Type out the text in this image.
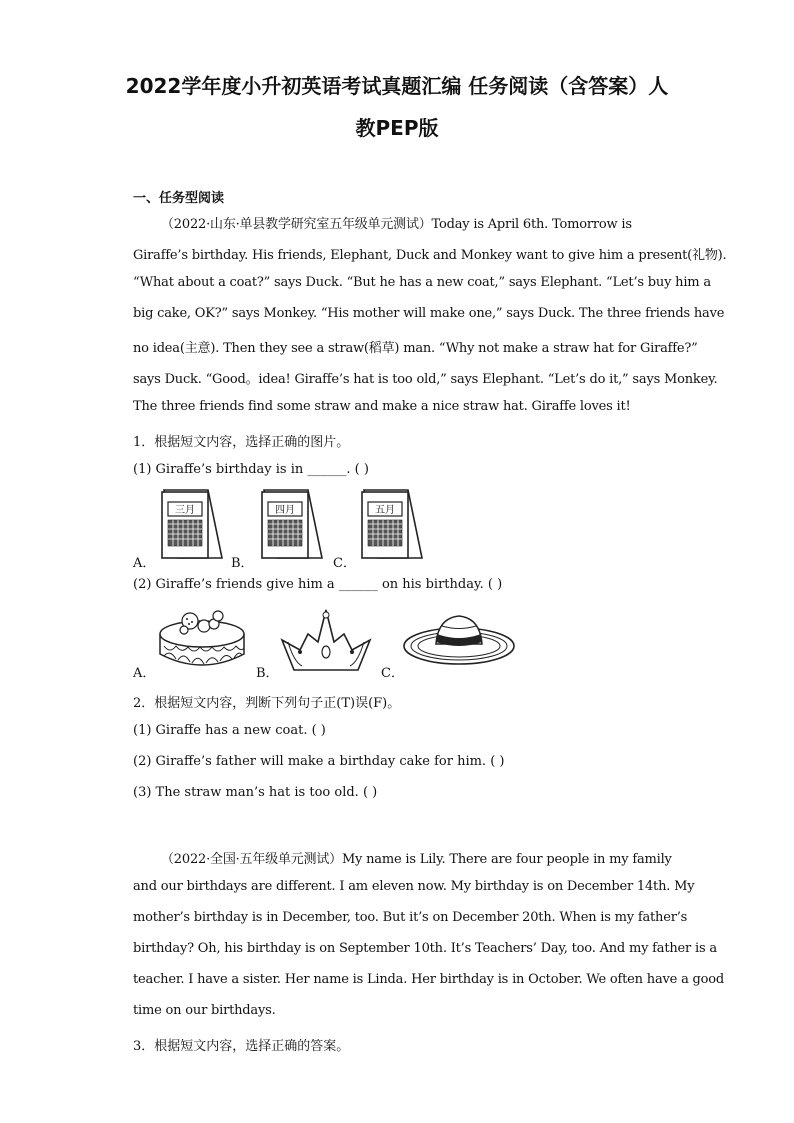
2022学年度小升初英语考试真题汇编 任务阅读（含答案）人
教PEP版
一、任务型阅读
（2022·山东·单县教学研究室五年级单元测试）Today is April 6th. Tomorrow is
Giraffe’s birthday. His friends, Elephant, Duck and Monkey want to give him a present(礼物).
“What about a coat?” says Duck. “But he has a new coat,” says Elephant. “Let’s buy him a
big cake, OK?” says Monkey. “His mother will make one,” says Duck. The three friends have
no idea(主意). Then they see a straw(稻草) man. “Why not make a straw hat for Giraffe?”
says Duck. “Good。idea! Giraffe’s hat is too old,” says Elephant. “Let’s do it,” says Monkey.
The three friends find some straw and make a nice straw hat. Giraffe loves it!
1．根据短文内容，选择正确的图片。
(1) Giraffe’s birthday is in ______. ( )
A．	B．	C．
三月	四月	五月
(2) Giraffe’s friends give him a ______ on his birthday. ( )
A．	B．	C．
2．根据短文内容，判断下列句子正(T)误(F)。
(1) Giraffe has a new coat. ( )
(2) Giraffe’s father will make a birthday cake for him. ( )
(3) The straw man’s hat is too old. ( )
（2022·全国·五年级单元测试）My name is Lily. There are four people in my family
and our birthdays are different. I am eleven now. My birthday is on December 14th. My
mother’s birthday is in December, too. But it’s on December 20th. When is my father’s
birthday? Oh, his birthday is on September 10th. It’s Teachers’ Day, too. And my father is a
teacher. I have a sister. Her name is Linda. Her birthday is in October. We often have a good
time on our birthdays.
3．根据短文内容，选择正确的答案。
